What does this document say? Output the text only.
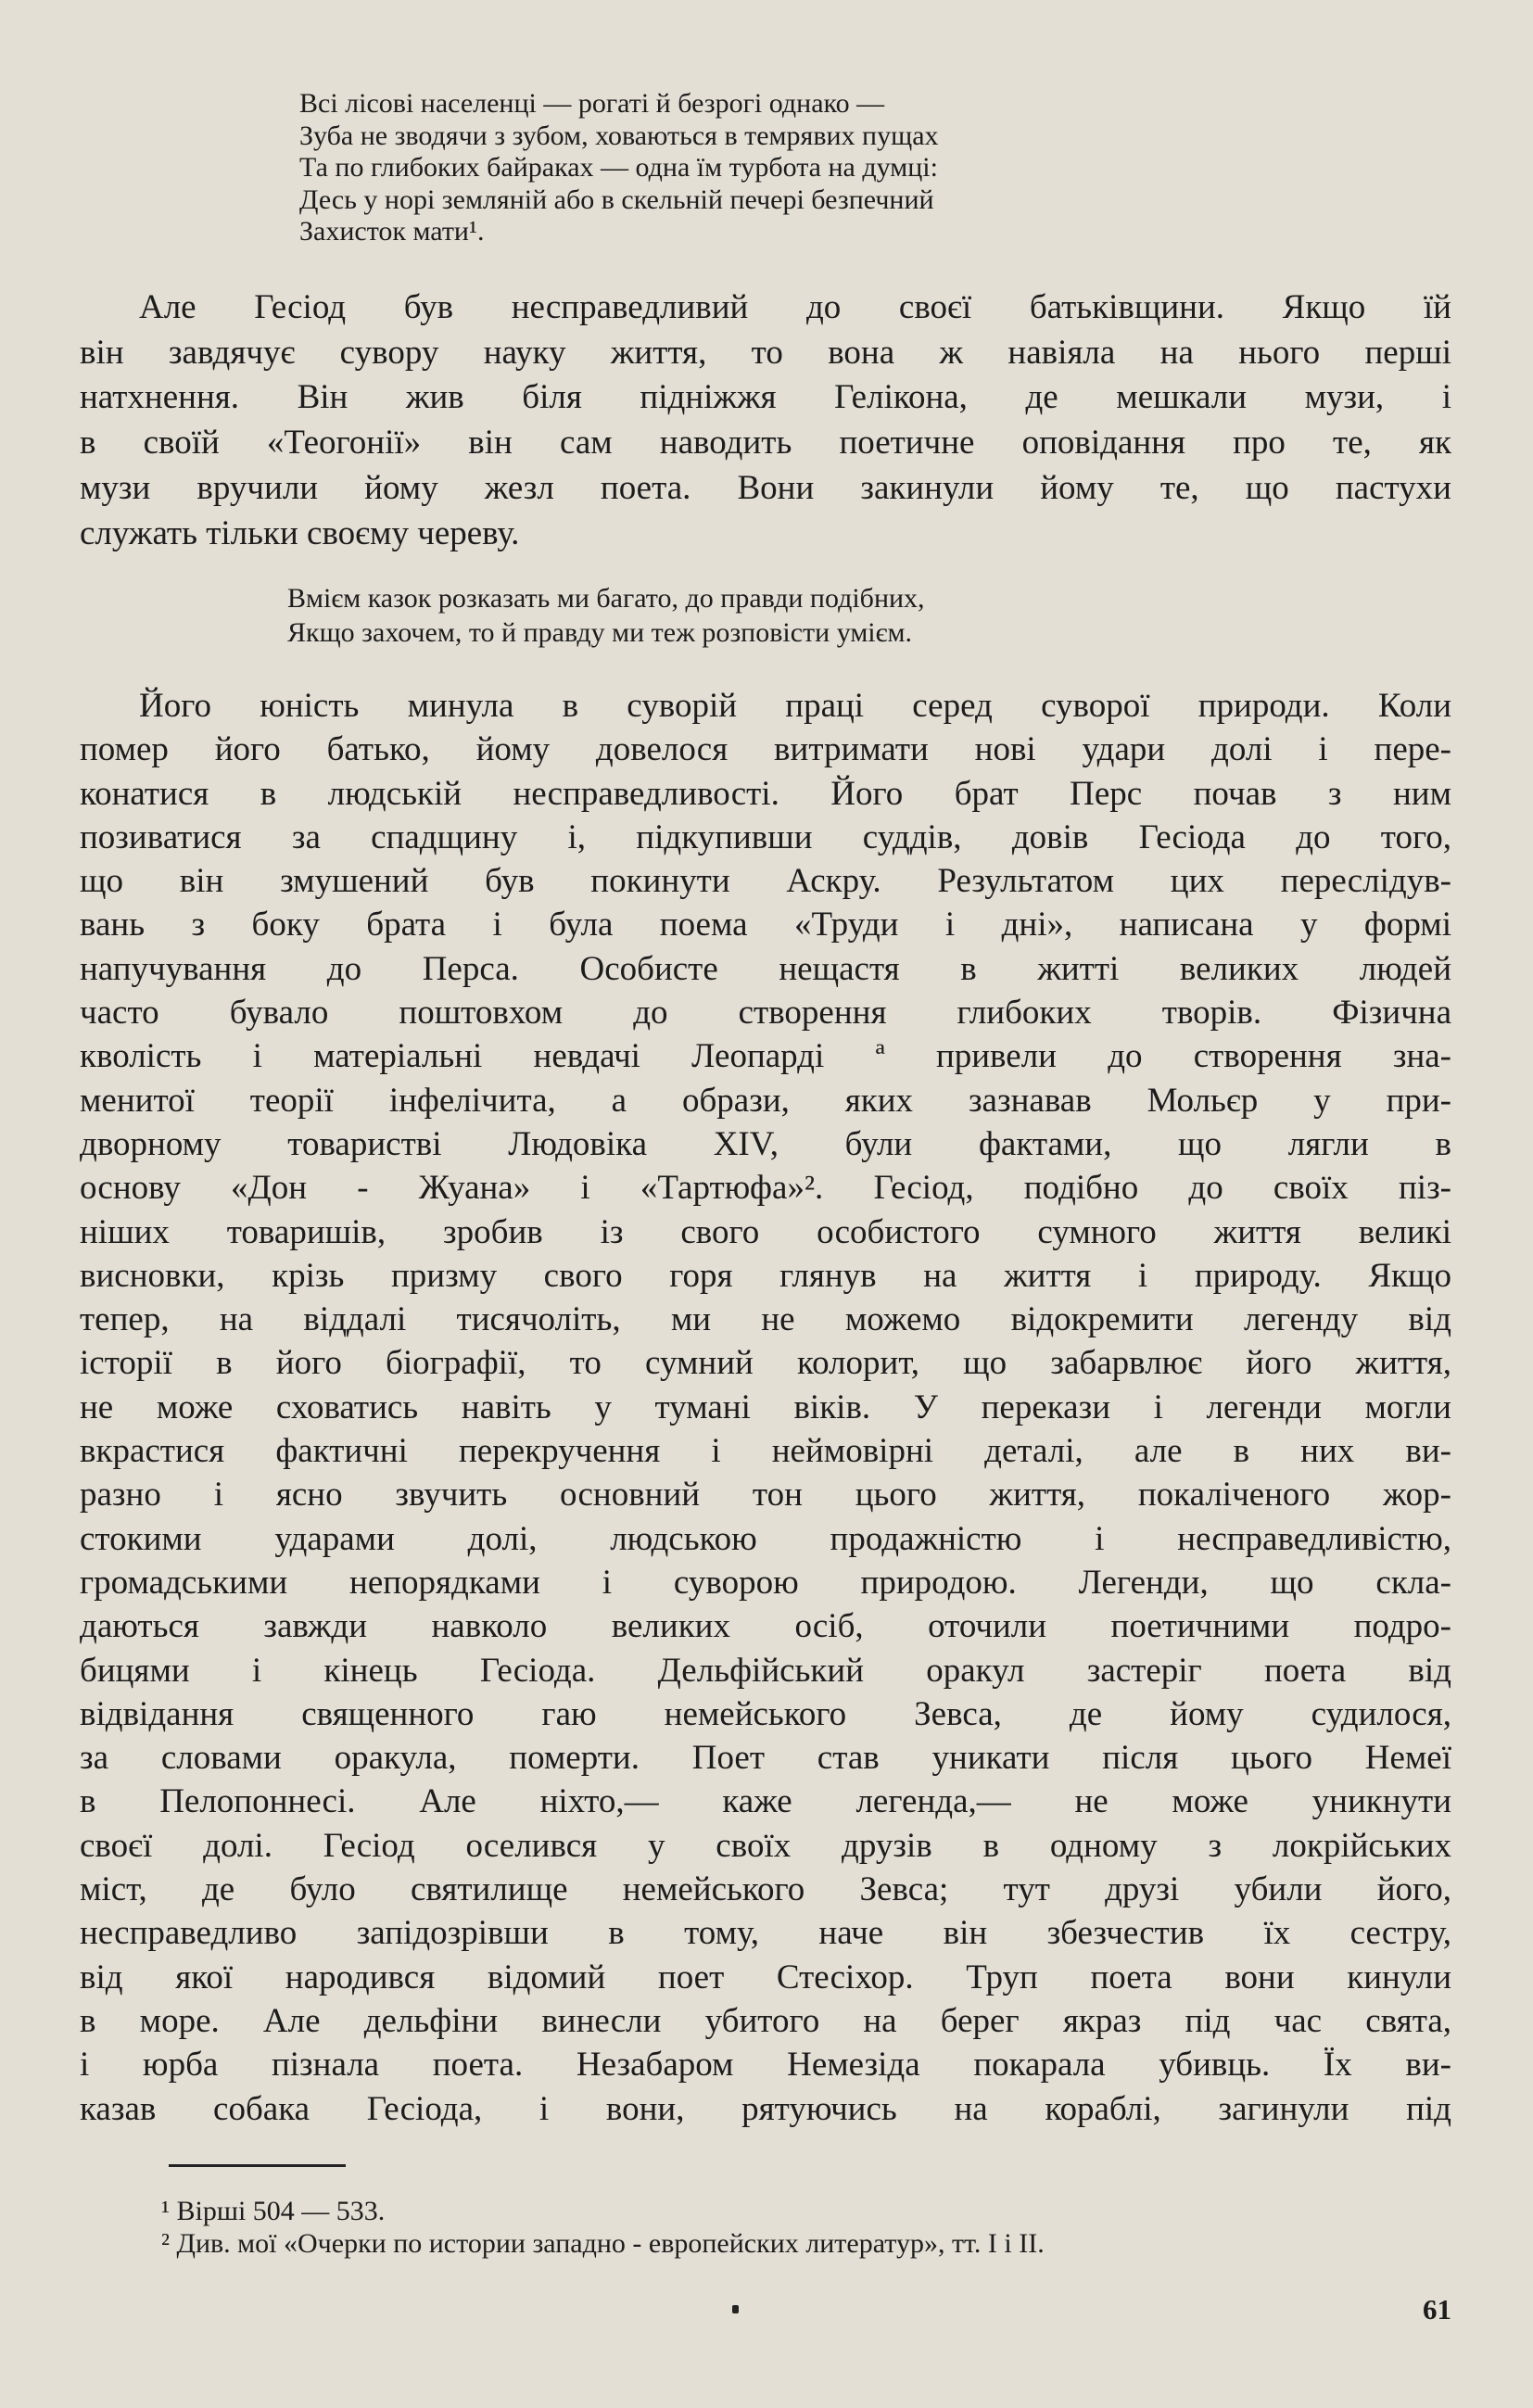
Всі лісові населенці — рогаті й безрогі однако —
Зуба не зводячи з зубом, ховаються в темрявих пущах
Та по глибоких байраках — одна їм турбота на думці:
Десь у норі земляній або в скельній печері безпечний
Захисток мати¹.
Але Гесіод був несправедливий до своєї батьківщини. Якщо їй
він завдячує сувору науку життя, то вона ж навіяла на нього перші
натхнення. Він жив біля підніжжя Гелікона, де мешкали музи, і
в своїй «Теогонії» він сам наводить поетичне оповідання про те, як
музи вручили йому жезл поета. Вони закинули йому те, що пастухи
служать тільки своєму череву.
Вмієм казок розказать ми багато, до правди подібних,
Якщо захочем, то й правду ми теж розповісти умієм.
Його юність минула в суворій праці серед суворої природи. Коли
помер його батько, йому довелося витримати нові удари долі і пере-
конатися в людській несправедливості. Його брат Перс почав з ним
позиватися за спадщину і, підкупивши суддів, довів Гесіода до того,
що він змушений був покинути Аскру. Результатом цих переслідув-
вань з боку брата і була поема «Труди і дні», написана у формі
напучування до Перса. Особисте нещастя в житті великих людей
часто бувало поштовхом до створення глибоких творів. Фізична
кволість і матеріальні невдачі Леопарді ª привели до створення зна-
менитої теорії інфелічита, а образи, яких зазнавав Мольєр у при-
дворному товаристві Людовіка XIV, були фактами, що лягли в
основу «Дон - Жуана» і «Тартюфа»². Гесіод, подібно до своїх піз-
ніших товаришів, зробив із свого особистого сумного життя великі
висновки, крізь призму свого горя глянув на життя і природу. Якщо
тепер, на віддалі тисячоліть, ми не можемо відокремити легенду від
історії в його біографії, то сумний колорит, що забарвлює його життя,
не може сховатись навіть у тумані віків. У перекази і легенди могли
вкрастися фактичні перекручення і неймовірні деталі, але в них ви-
разно і ясно звучить основний тон цього життя, покаліченого жор-
стокими ударами долі, людською продажністю і несправедливістю,
громадськими непорядками і суворою природою. Легенди, що скла-
даються завжди навколо великих осіб, оточили поетичними подро-
бицями і кінець Гесіода. Дельфійський оракул застеріг поета від
відвідання священного гаю немейського Зевса, де йому судилося,
за словами оракула, померти. Поет став уникати після цього Немеї
в Пелопоннесі. Але ніхто,— каже легенда,— не може уникнути
своєї долі. Гесіод оселився у своїх друзів в одному з локрійських
міст, де було святилище немейського Зевса; тут друзі убили його,
несправедливо запідозрівши в тому, наче він збезчестив їх сестру,
від якої народився відомий поет Стесіхор. Труп поета вони кинули
в море. Але дельфіни винесли убитого на берег якраз під час свята,
і юрба пізнала поета. Незабаром Немезіда покарала убивць. Їх ви-
казав собака Гесіода, і вони, рятуючись на кораблі, загинули під
¹ Вірші 504 — 533.
² Див. мої «Очерки по истории западно - европейских литератур», тт. I і II.
61
